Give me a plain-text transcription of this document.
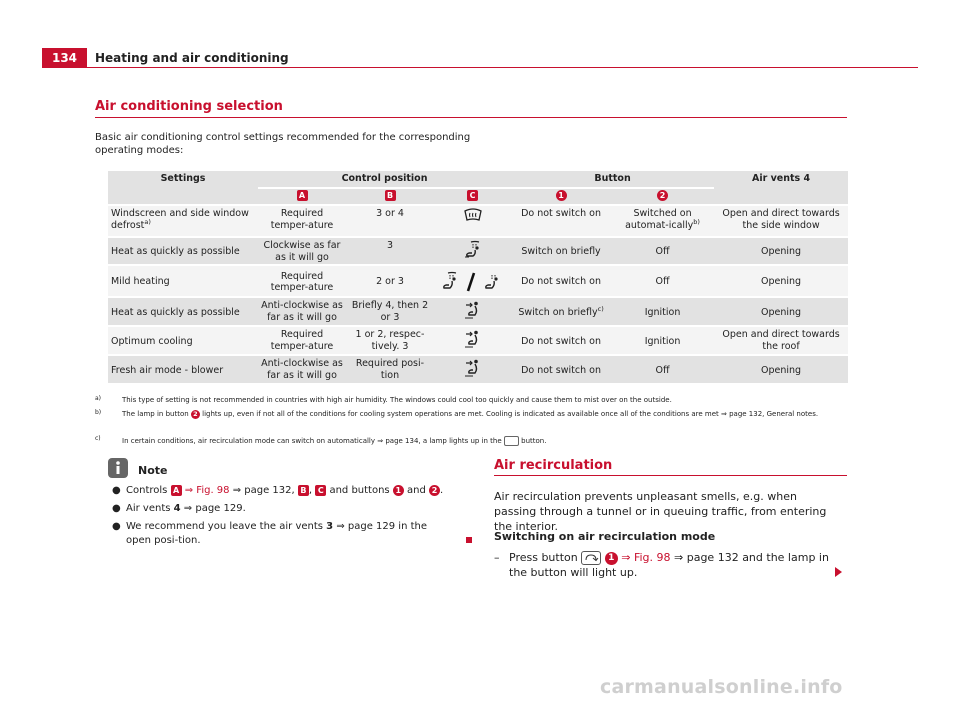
134	Heating and air conditioning
Air conditioning selection
Basic air conditioning control settings recommended for the corresponding operating modes:
Settings	Control position			Button		Air vents 4
	A	B	C	1	2	
Windscreen and side window defrost$^{a)}$	Required temper-ature	3 or 4		Do not switch on	Switched on automat-ically$^{b)}$	Open and direct towards the side window
Heat as quickly as possible	Clockwise as far as it will go	3		Switch on briefly	Off	Opening
Mild heating	Required temper-ature	2 or 3		Do not switch on	Off	Opening
Heat as quickly as possible	Anti-clockwise as far as it will go	Briefly 4, then 2 or 3		Switch on briefly$^{c)}$	Ignition	Opening
Optimum cooling	Required temper-ature	1 or 2, respec-tively. 3		Do not switch on	Ignition	Open and direct towards the roof
Fresh air mode - blower	Anti-clockwise as far as it will go	Required posi-tion		Do not switch on	Off	Opening
a)	This type of setting is not recommended in countries with high air humidity. The windows could cool too quickly and cause them to mist over on the outside.
b)	The lamp in button 2 lights up, even if not all of the conditions for cooling system operations are met. Cooling is indicated as available once all of the conditions are met ⇒ page 132, General notes.
c)	In certain conditions, air recirculation mode can switch on automatically ⇒ page 134, a lamp lights up in the	button.
Note
● Controls A ⇒ Fig. 98 ⇒ page 132, B , C and buttons 1 and 2 .
● Air vents 4 ⇒ page 129.
● We recommend you leave the air vents 3 ⇒ page 129 in the open posi-tion.
Air recirculation
Air recirculation prevents unpleasant smells, e.g. when passing through a tunnel or in queuing traffic, from entering the interior.
Switching on air recirculation mode
– Press button	1 ⇒ Fig. 98 ⇒ page 132 and the lamp in the button will light up.
carmanualsonline.info
